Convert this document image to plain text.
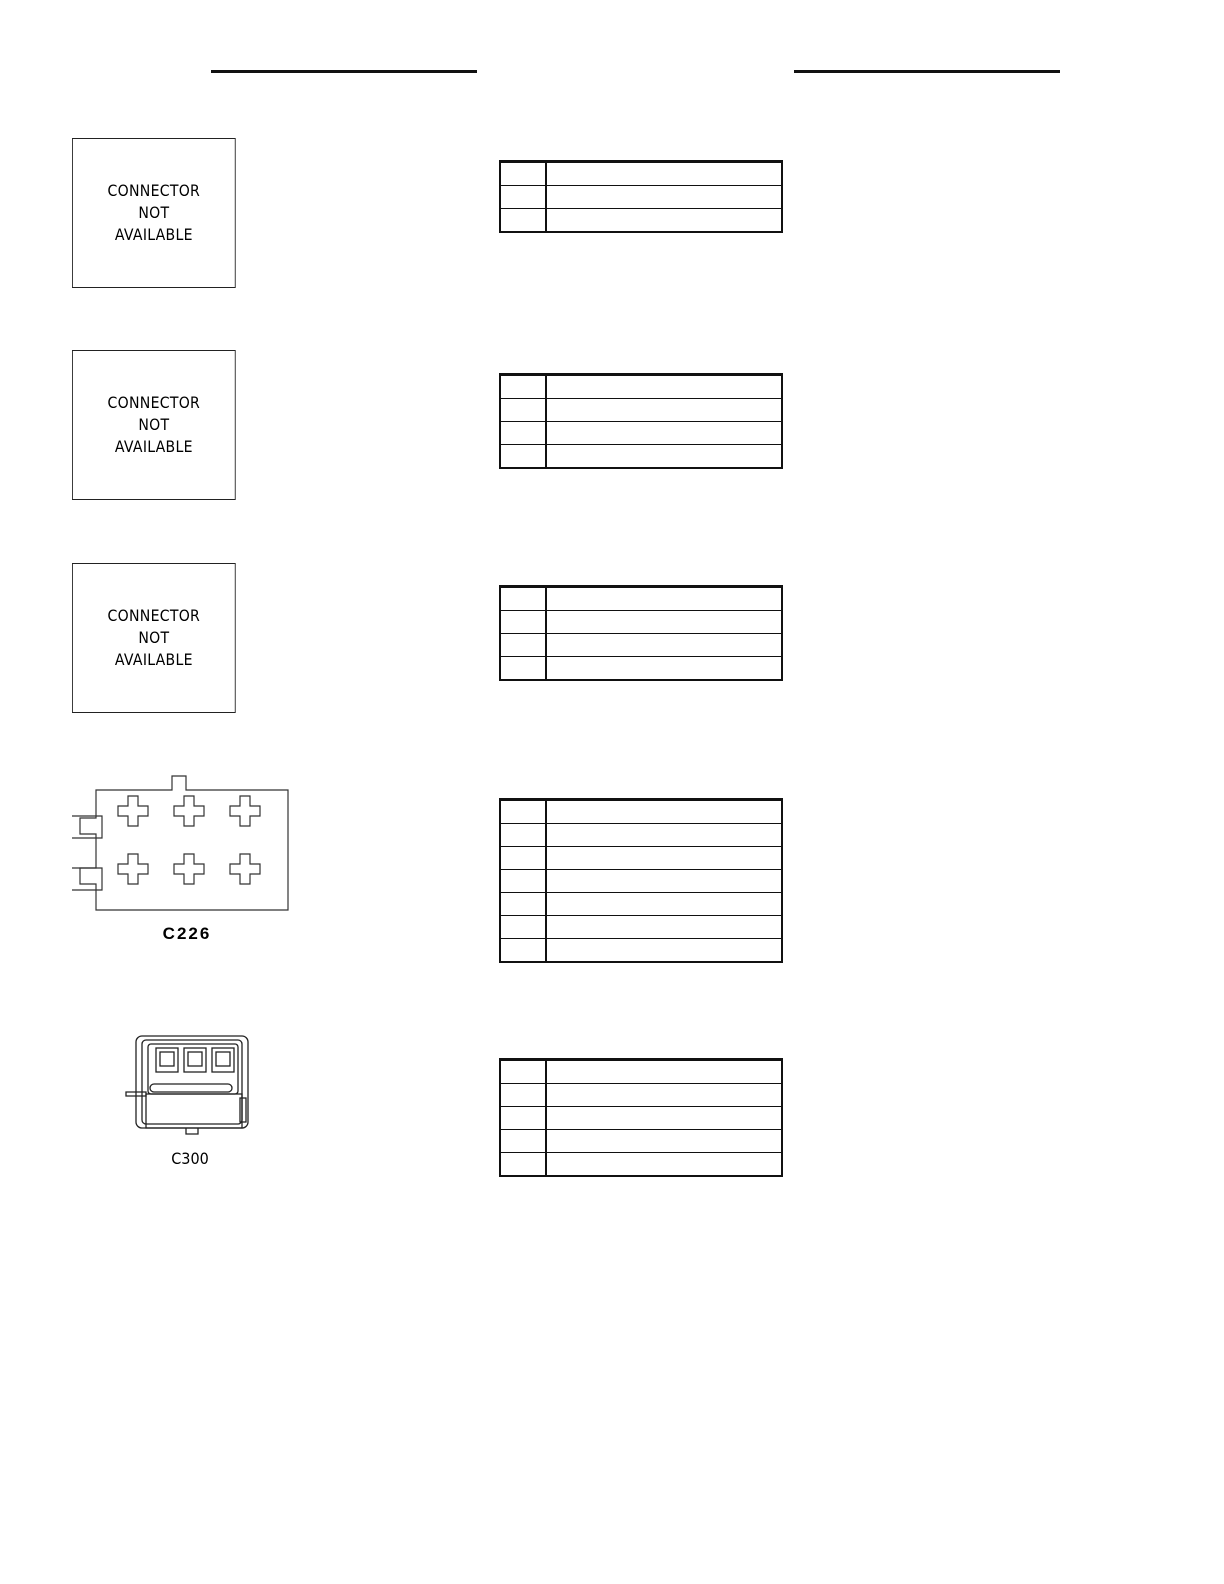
CONNECTOR
NOT
AVAILABLE
CONNECTOR
NOT
AVAILABLE
CONNECTOR
NOT
AVAILABLE
C226
C300
